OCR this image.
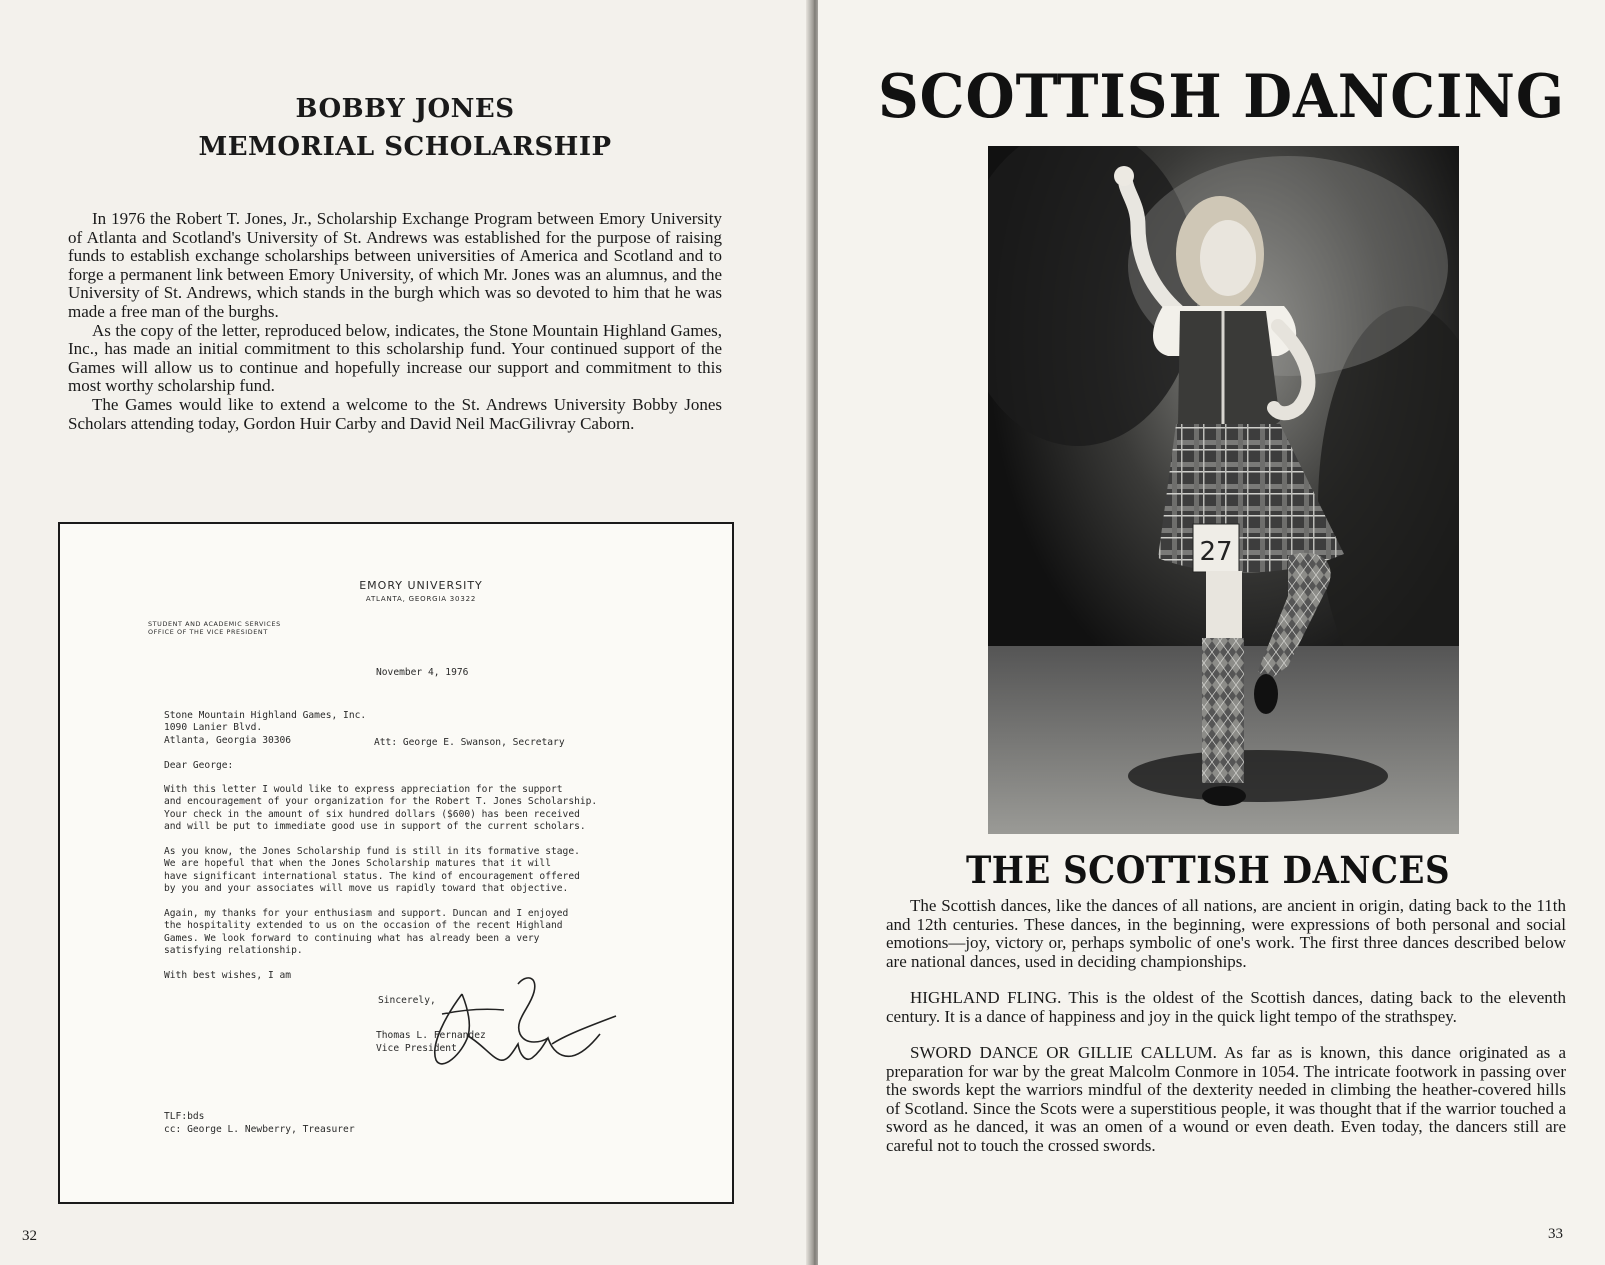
BOBBY JONES
MEMORIAL SCHOLARSHIP

In 1976 the Robert T. Jones, Jr., Scholarship Exchange Program between Emory University of Atlanta and Scotland's University of St. Andrews was established for the purpose of raising funds to establish exchange scholarships between universities of America and Scotland and to forge a permanent link between Emory University, of which Mr. Jones was an alumnus, and the University of St. Andrews, which stands in the burgh which was so devoted to him that he was made a free man of the burghs.

As the copy of the letter, reproduced below, indicates, the Stone Mountain Highland Games, Inc., has made an initial commitment to this scholarship fund. Your continued support of the Games will allow us to continue and hopefully increase our support and commitment to this most worthy scholarship fund.

The Games would like to extend a welcome to the St. Andrews University Bobby Jones Scholars attending today, Gordon Huir Carby and David Neil MacGilivray Caborn.

EMORY UNIVERSITY
ATLANTA, GEORGIA 30322
STUDENT AND ACADEMIC SERVICES
OFFICE OF THE VICE PRESIDENT
November 4, 1976
Stone Mountain Highland Games, Inc.
1090 Lanier Blvd.
Atlanta, Georgia 30306	Att: George E. Swanson, Secretary
Dear George:
With this letter I would like to express appreciation for the support
and encouragement of your organization for the Robert T. Jones Scholarship.
Your check in the amount of six hundred dollars ($600) has been received
and will be put to immediate good use in support of the current scholars.
As you know, the Jones Scholarship fund is still in its formative stage.
We are hopeful that when the Jones Scholarship matures that it will
have significant international status. The kind of encouragement offered
by you and your associates will move us rapidly toward that objective.
Again, my thanks for your enthusiasm and support. Duncan and I enjoyed
the hospitality extended to us on the occasion of the recent Highland
Games. We look forward to continuing what has already been a very
satisfying relationship.
With best wishes, I am
Sincerely,
Thomas L. Fernandez
Vice President
TLF:bds
cc: George L. Newberry, Treasurer
32
SCOTTISH DANCING
27
THE SCOTTISH DANCES

The Scottish dances, like the dances of all nations, are ancient in origin, dating back to the 11th and 12th centuries. These dances, in the beginning, were expressions of both personal and social emotions—joy, victory or, perhaps symbolic of one's work. The first three dances described below are national dances, used in deciding championships.

HIGHLAND FLING. This is the oldest of the Scottish dances, dating back to the eleventh century. It is a dance of happiness and joy in the quick light tempo of the strathspey.

SWORD DANCE OR GILLIE CALLUM. As far as is known, this dance originated as a preparation for war by the great Malcolm Conmore in 1054. The intricate footwork in passing over the swords kept the warriors mindful of the dexterity needed in climbing the heather-covered hills of Scotland. Since the Scots were a superstitious people, it was thought that if the warrior touched a sword as he danced, it was an omen of a wound or even death. Even today, the dancers still are careful not to touch the crossed swords.

33
